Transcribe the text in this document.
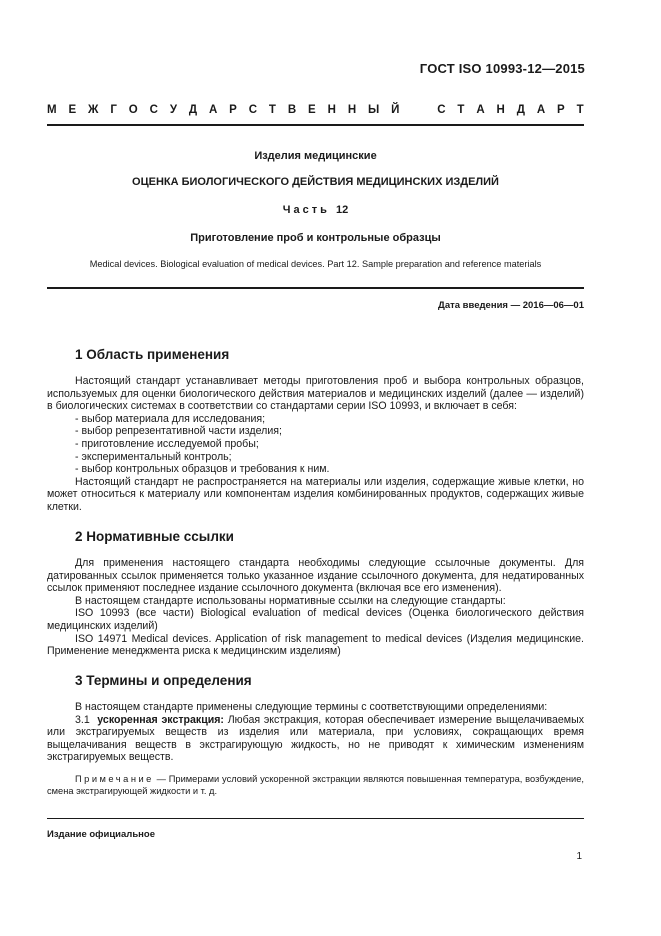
ГОСТ ISO 10993-12—2015
М Е Ж Г О С У Д А Р С Т В Е Н Н Ы Й	С Т А Н Д А Р Т
Изделия медицинские
ОЦЕНКА БИОЛОГИЧЕСКОГО ДЕЙСТВИЯ МЕДИЦИНСКИХ ИЗДЕЛИЙ
Часть 12
Приготовление проб и контрольные образцы
Medical devices. Biological evaluation of medical devices. Part 12. Sample preparation and reference materials
Дата введения — 2016—06—01
1 Область применения

Настоящий стандарт устанавливает методы приготовления проб и выбора контрольных образцов, используемых для оценки биологического действия материалов и медицинских изделий (далее — изделий) в биологических системах в соответствии со стандартами серии ISO 10993, и включает в себя:

- выбор материала для исследования;

- выбор репрезентативной части изделия;

- приготовление исследуемой пробы;

- экспериментальный контроль;

- выбор контрольных образцов и требования к ним.

Настоящий стандарт не распространяется на материалы или изделия, содержащие живые клетки, но может относиться к материалу или компонентам изделия комбинированных продуктов, содержащих живые клетки.

2 Нормативные ссылки

Для применения настоящего стандарта необходимы следующие ссылочные документы. Для датированных ссылок применяется только указанное издание ссылочного документа, для недатированных ссылок применяют последнее издание ссылочного документа (включая все его изменения).

В настоящем стандарте использованы нормативные ссылки на следующие стандарты:

ISO 10993 (все части) Biological evaluation of medical devices (Оценка биологического действия медицинских изделий)

ISO 14971 Medical devices. Application of risk management to medical devices (Изделия медицинские. Применение менеджмента риска к медицинским изделиям)

3 Термины и определения

В настоящем стандарте применены следующие термины с соответствующими определениями:

3.1 ускоренная экстракция: Любая экстракция, которая обеспечивает измерение выщелачиваемых или экстрагируемых веществ из изделия или материала, при условиях, сокращающих время выщелачивания веществ в экстрагирующую жидкость, но не приводят к химическим изменениям экстрагируемых веществ.

Примечание — Примерами условий ускоренной экстракции являются повышенная температура, возбуждение, смена экстрагирующей жидкости и т. д.
Издание официальное
1
